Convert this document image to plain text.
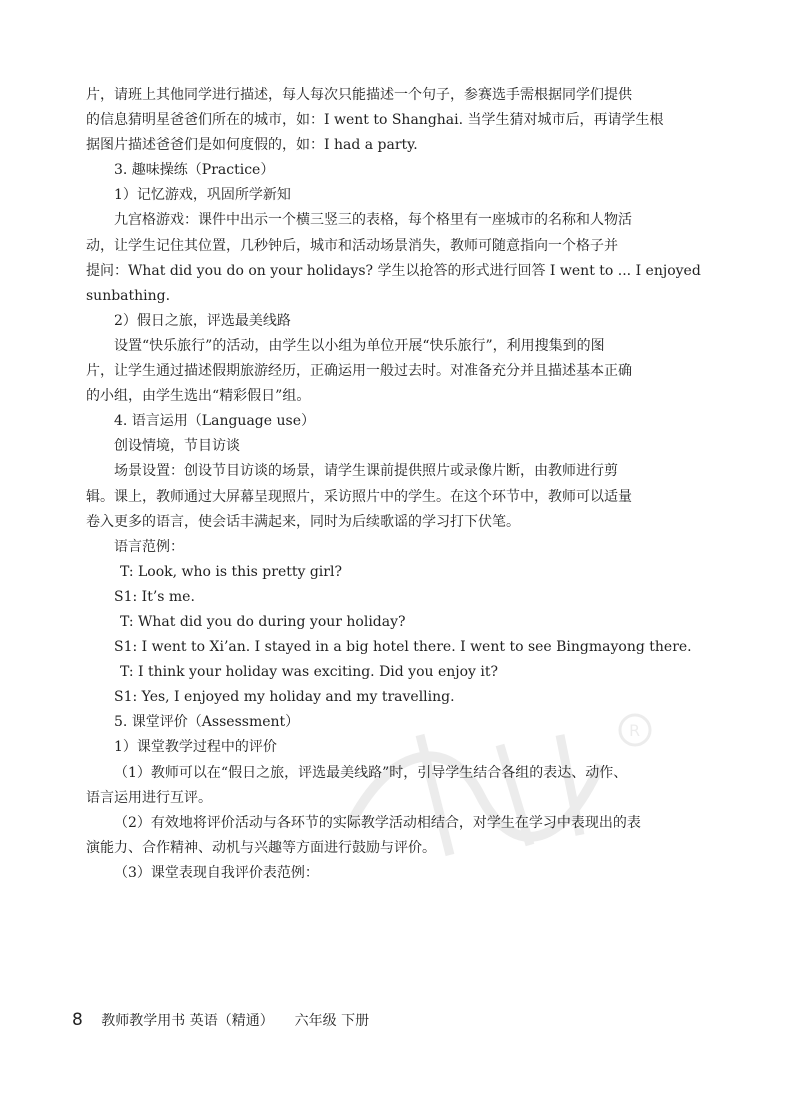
R

片，请班上其他同学进行描述，每人每次只能描述一个句子，参赛选手需根据同学们提供

的信息猜明星爸爸们所在的城市，如：I went to Shanghai. 当学生猜对城市后，再请学生根

据图片描述爸爸们是如何度假的，如：I had a party.

3. 趣味操练（Practice）

1）记忆游戏，巩固所学新知

九宫格游戏：课件中出示一个横三竖三的表格，每个格里有一座城市的名称和人物活

动，让学生记住其位置，几秒钟后，城市和活动场景消失，教师可随意指向一个格子并

提问：What did you do on your holidays? 学生以抢答的形式进行回答 I went to ... I enjoyed

sunbathing.

2）假日之旅，评选最美线路

设置“快乐旅行”的活动，由学生以小组为单位开展“快乐旅行”，利用搜集到的图

片，让学生通过描述假期旅游经历，正确运用一般过去时。对准备充分并且描述基本正确

的小组，由学生选出“精彩假日”组。

4. 语言运用（Language use）

创设情境，节目访谈

场景设置：创设节目访谈的场景，请学生课前提供照片或录像片断，由教师进行剪

辑。课上，教师通过大屏幕呈现照片，采访照片中的学生。在这个环节中，教师可以适量

卷入更多的语言，使会话丰满起来，同时为后续歌谣的学习打下伏笔。

语言范例：

T: Look, who is this pretty girl?

S1: It’s me.

T: What did you do during your holiday?

S1: I went to Xi’an. I stayed in a big hotel there. I went to see Bingmayong there.

T: I think your holiday was exciting. Did you enjoy it?

S1: Yes, I enjoyed my holiday and my travelling.

5. 课堂评价（Assessment）

1）课堂教学过程中的评价

（1）教师可以在“假日之旅，评选最美线路”时，引导学生结合各组的表达、动作、

语言运用进行互评。

（2）有效地将评价活动与各环节的实际教学活动相结合，对学生在学习中表现出的表

演能力、合作精神、动机与兴趣等方面进行鼓励与评价。

（3）课堂表现自我评价表范例：

8 教师教学用书 英语（精通） 六年级 下册
